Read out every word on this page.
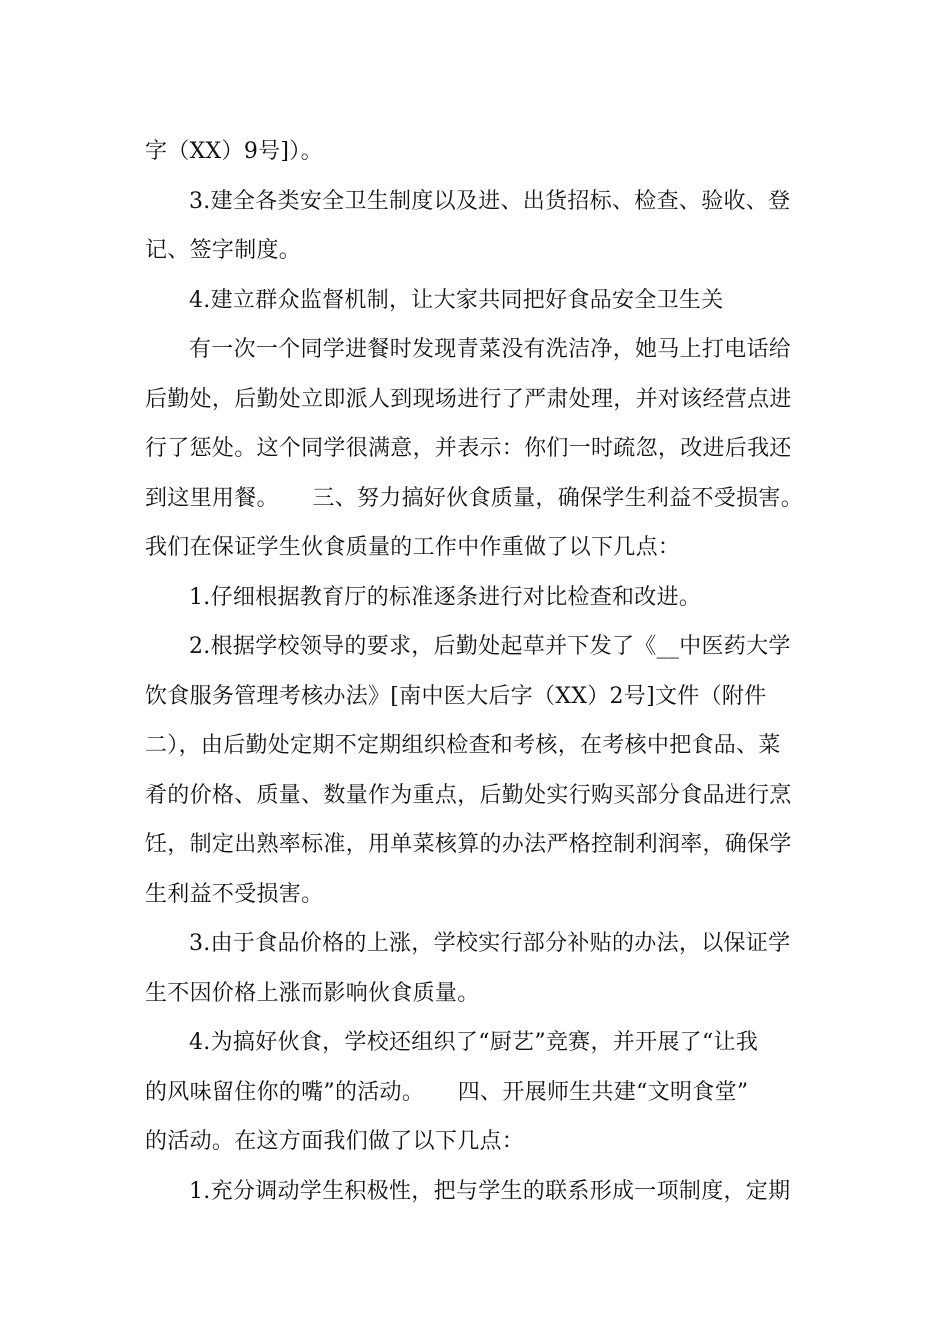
字（XX）9号]）。
3.建全各类安全卫生制度以及进、出货招标、检查、验收、登
记、签字制度。
4.建立群众监督机制，让大家共同把好食品安全卫生关
有一次一个同学进餐时发现青菜没有洗洁净，她马上打电话给
后勤处，后勤处立即派人到现场进行了严肃处理，并对该经营点进
行了惩处。这个同学很满意，并表示：你们一时疏忽，改进后我还
到这里用餐。　　三、努力搞好伙食质量，确保学生利益不受损害。
我们在保证学生伙食质量的工作中作重做了以下几点：
1.仔细根据教育厅的标准逐条进行对比检查和改进。
2.根据学校领导的要求，后勤处起草并下发了《__中医药大学
饮食服务管理考核办法》[南中医大后字（XX）2号]文件（附件
二），由后勤处定期不定期组织检查和考核，在考核中把食品、菜
肴的价格、质量、数量作为重点，后勤处实行购买部分食品进行烹
饪，制定出熟率标准，用单菜核算的办法严格控制利润率，确保学
生利益不受损害。
3.由于食品价格的上涨，学校实行部分补贴的办法，以保证学
生不因价格上涨而影响伙食质量。
4.为搞好伙食，学校还组织了“厨艺”竞赛，并开展了“让我
的风味留住你的嘴”的活动。　　四、开展师生共建“文明食堂”
的活动。在这方面我们做了以下几点：
1.充分调动学生积极性，把与学生的联系形成一项制度，定期
